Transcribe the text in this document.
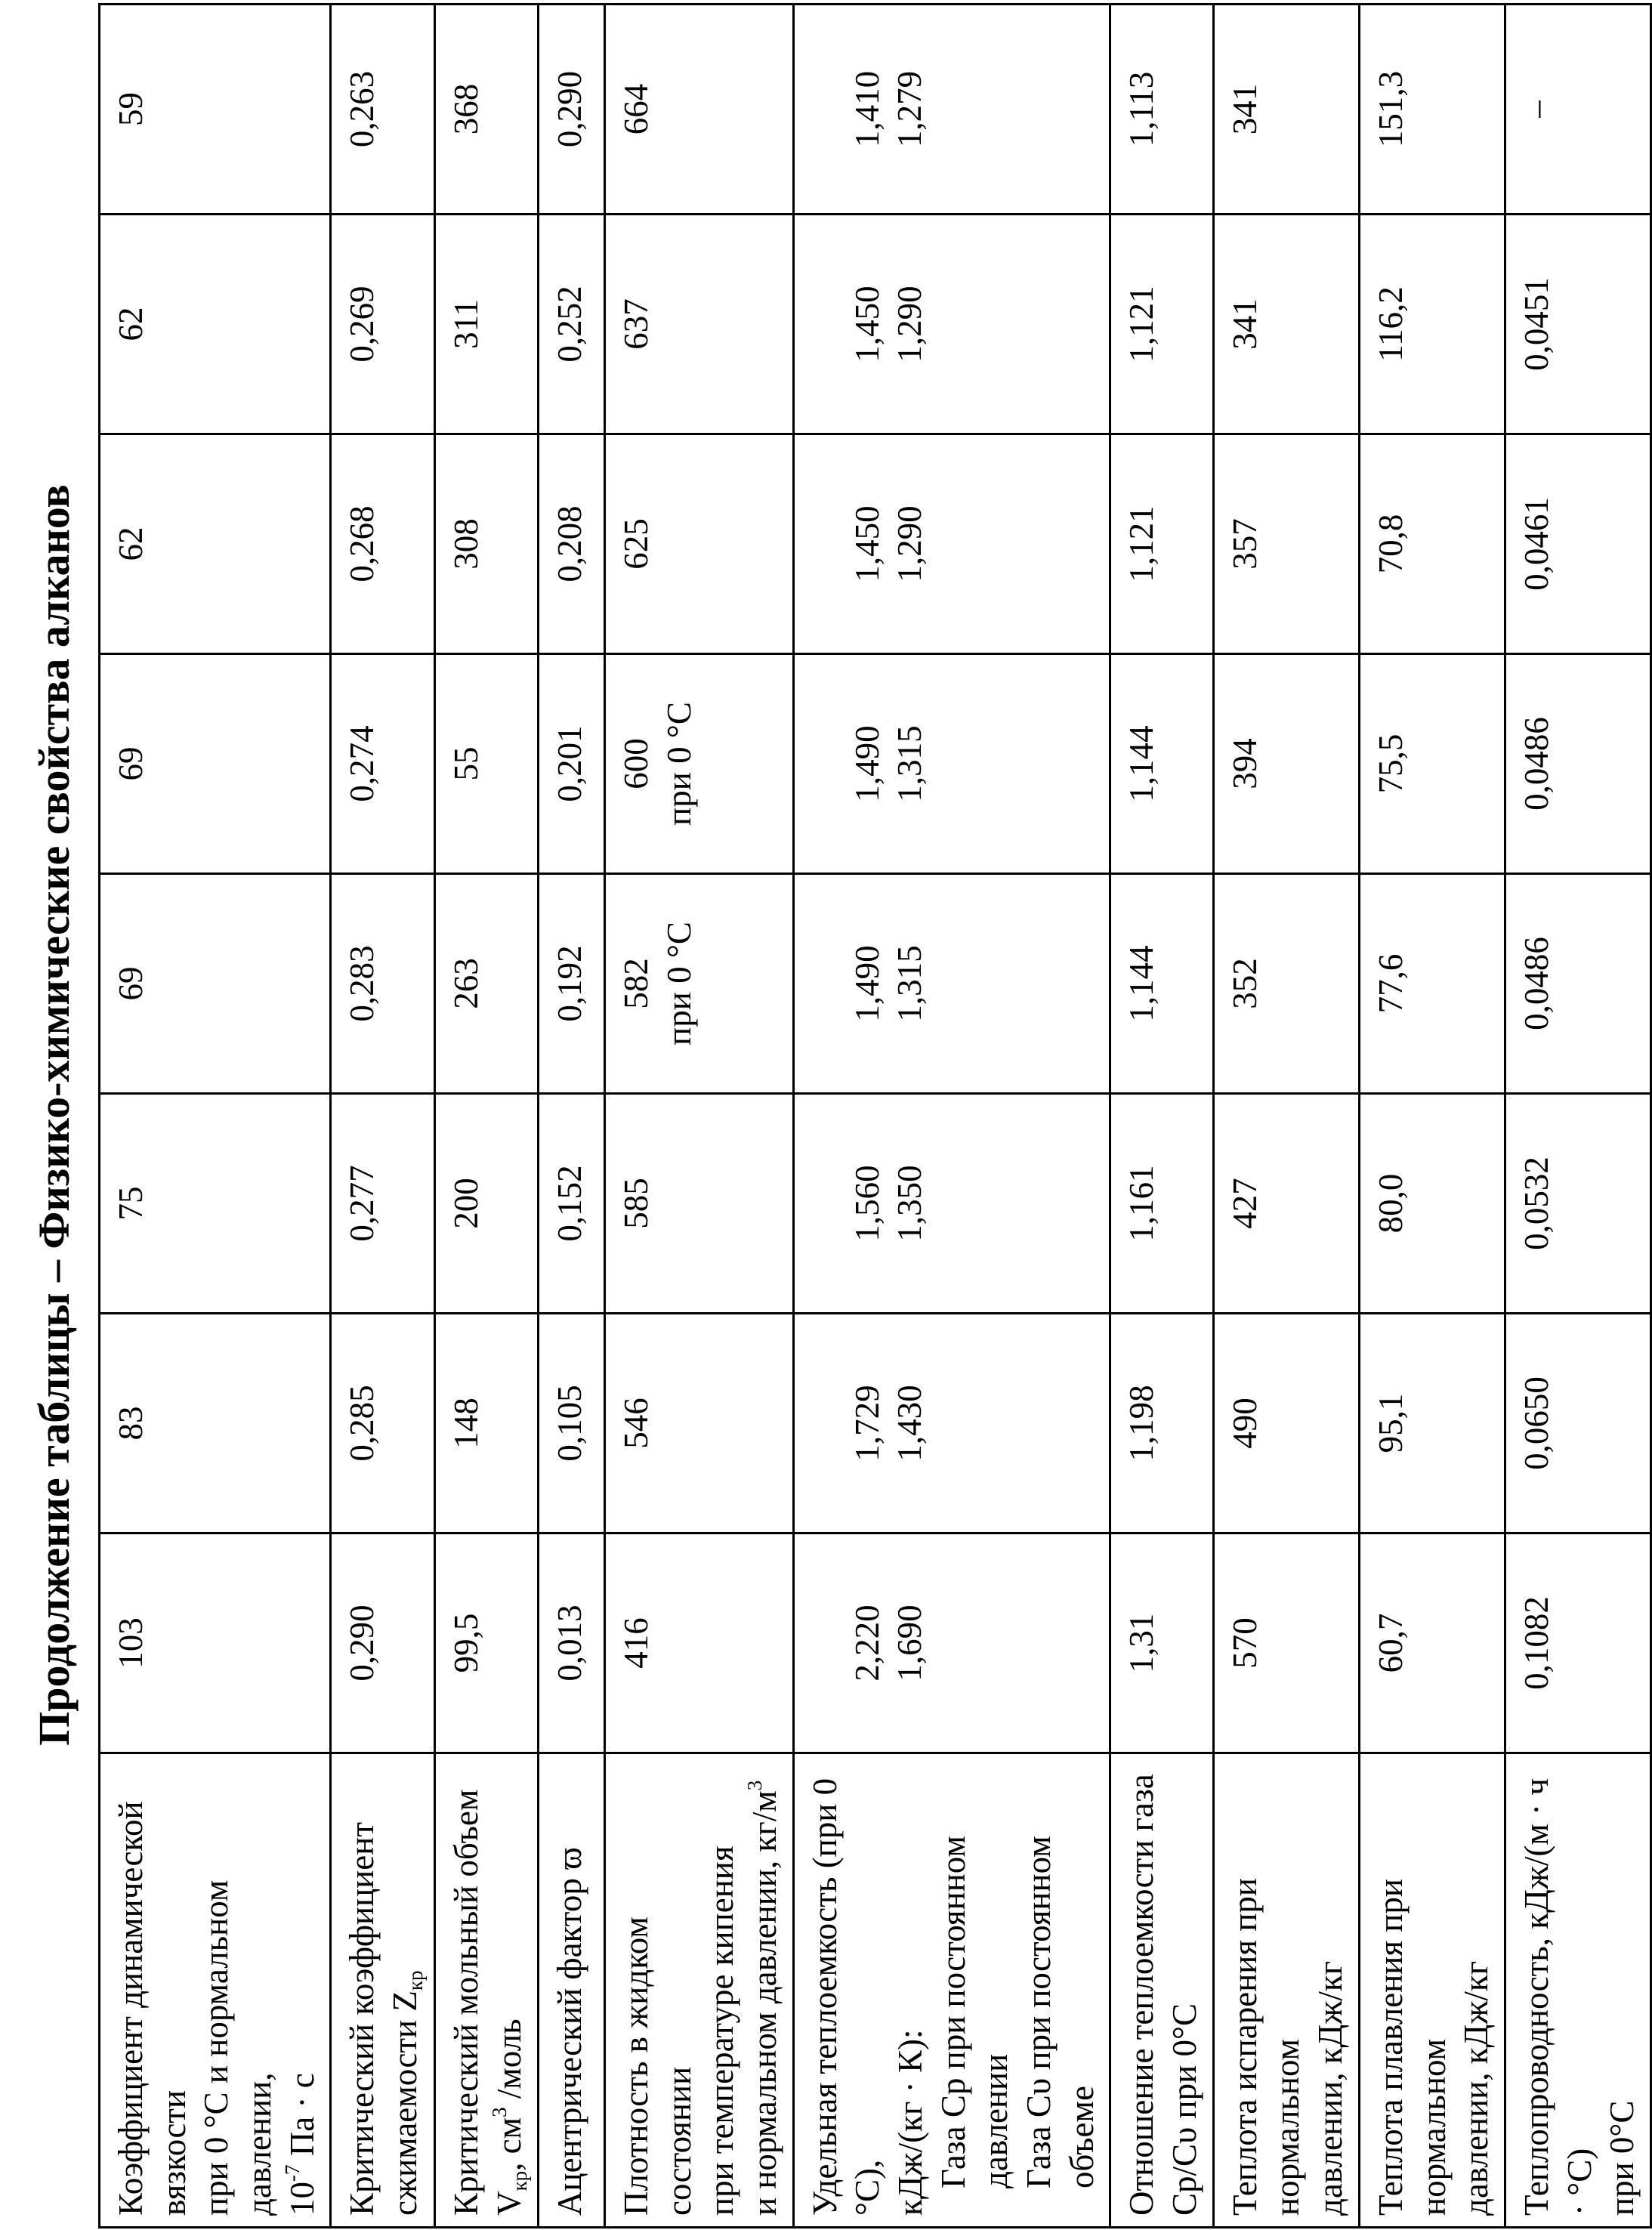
Продолжение таблицы – Физико-химические свойства алканов
Коэффициент динамической вязкости при 0 °С и нормальном давлении, $10^{-7}$ Па · с	103	83	75	69	69	62	62	59
Критический коэффициент сжимаемости $Z_{кр}$	0,290	0,285	0,277	0,283	0,274	0,268	0,269	0,263
Критический мольный объем $V_{кр}$, $см^3$ /моль	99,5	148	200	263	55	308	311	368
Ацентрический фактор ϖ	0,013	0,105	0,152	0,192	0,201	0,208	0,252	0,290
Плотность в жидком состоянии при температуре кипения и нормальном давлении, $кг/м^3$	416	546	585	582 при 0 °С	600 при 0 °С	625	637	664
Удельная теплоемкость (при 0 °С), кДж/(кг · К): Газа Ср при постоянном давлении Газа Сυ при постоянном объеме	2,220 1,690	1,729 1,430	1,560 1,350	1,490 1,315	1,490 1,315	1,450 1,290	1,450 1,290	1,410 1,279
Отношение теплоемкости газа Ср/Сυ при 0°С	1,31	1,198	1,161	1,144	1,144	1,121	1,121	1,113
Теплота испарения при нормальном давлении, кДж/кг	570	490	427	352	394	357	341	341
Теплота плавления при нормальном давлении, кДж/кг	60,7	95,1	80,0	77,6	75,5	70,8	116,2	151,3
Теплопроводность, кДж/(м · ч · °С) при 0°С	0,1082	0,0650	0,0532	0,0486	0,0486	0,0461	0,0451	–
